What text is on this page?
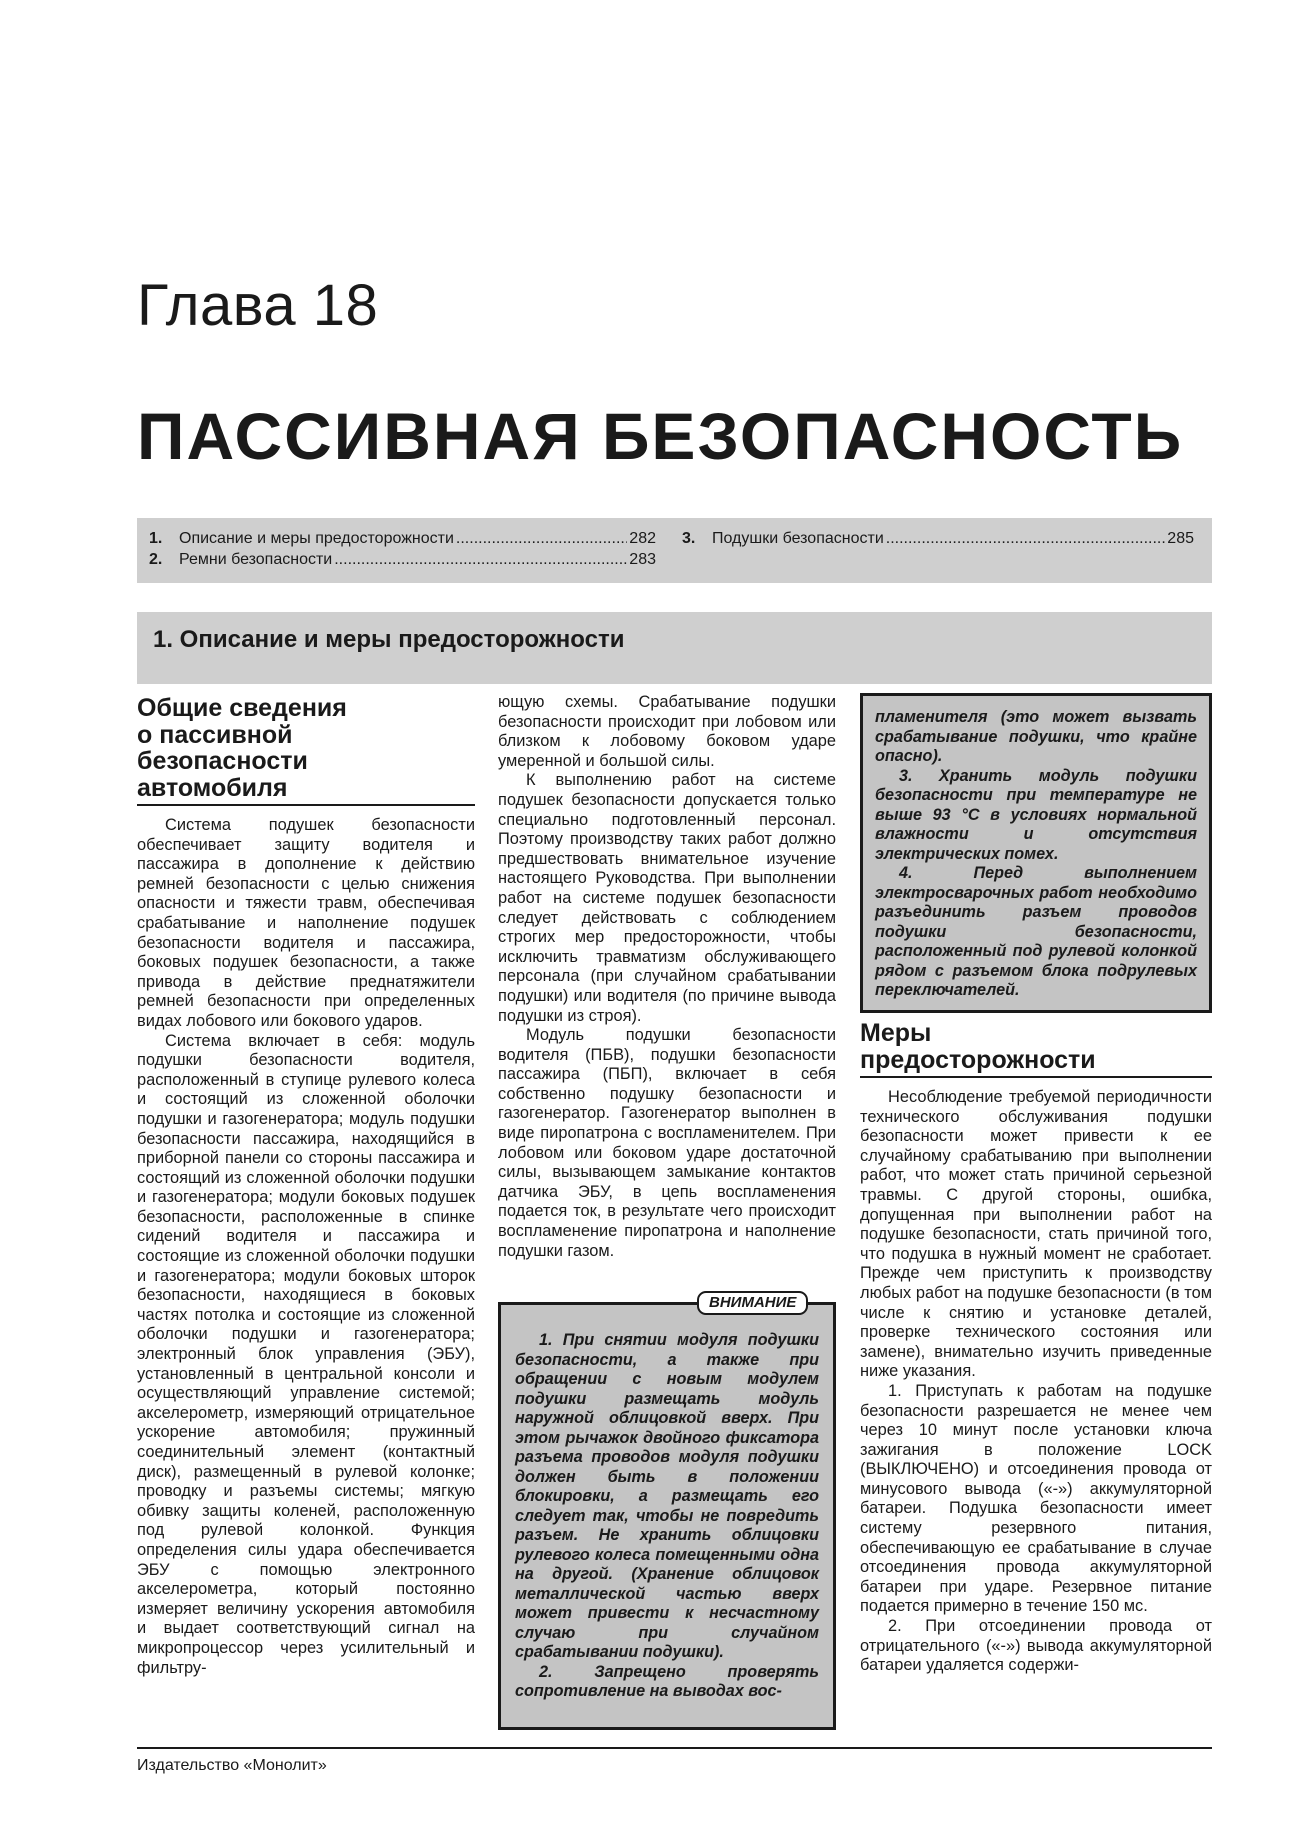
Глава 18
ПАССИВНАЯ БЕЗОПАСНОСТЬ
1.	Описание и меры предосторожности .....	282
2.	Ремни безопасности .....	283
3.	Подушки безопасности .....	285
1. Описание и меры предосторожности
Общие сведения
о пассивной
безопасности
автомобиля

Система подушек безопасности обеспечивает защиту водителя и пассажира в дополнение к действию ремней безопасности с целью снижения опасности и тяжести травм, обеспечивая срабатывание и наполнение подушек безопасности водителя и пассажира, боковых подушек безопасности, а также привода в действие преднатяжители ремней безопасности при определенных видах лобового или бокового ударов.

Система включает в себя: модуль подушки безопасности водителя, расположенный в ступице рулевого колеса и состоящий из сложенной оболочки подушки и газогенератора; модуль подушки безопасности пассажира, находящийся в приборной панели со стороны пассажира и состоящий из сложенной оболочки подушки и газогенератора; модули боковых подушек безопасности, расположенные в спинке сидений водителя и пассажира и состоящие из сложенной оболочки подушки и газогенератора; модули боковых шторок безопасности, находящиеся в боковых частях потолка и состоящие из сложенной оболочки подушки и газогенератора; электронный блок управления (ЭБУ), установленный в центральной консоли и осуществляющий управление системой; акселерометр, измеряющий отрицательное ускорение автомобиля; пружинный соединительный элемент (контактный диск), размещенный в рулевой колонке; проводку и разъемы системы; мягкую обивку защиты коленей, расположенную под рулевой колонкой. Функция определения силы удара обеспечивается ЭБУ с помощью электронного акселерометра, который постоянно измеряет величину ускорения автомобиля и выдает соответствующий сигнал на микропроцессор через усилительный и фильтру-

ющую схемы. Срабатывание подушки безопасности происходит при лобовом или близком к лобовому боковом ударе умеренной и большой силы.

К выполнению работ на системе подушек безопасности допускается только специально подготовленный персонал. Поэтому производству таких работ должно предшествовать внимательное изучение настоящего Руководства. При выполнении работ на системе подушек безопасности следует действовать с соблюдением строгих мер предосторожности, чтобы исключить травматизм обслуживающего персонала (при случайном срабатывании подушки) или водителя (по причине вывода подушки из строя).

Модуль подушки безопасности водителя (ПБВ), подушки безопасности пассажира (ПБП), включает в себя собственно подушку безопасности и газогенератор. Газогенератор выполнен в виде пиропатрона с воспламенителем. При лобовом или боковом ударе достаточной силы, вызывающем замыкание контактов датчика ЭБУ, в цепь воспламенения подается ток, в результате чего происходит воспламенение пиропатрона и наполнение подушки газом.

1. При снятии модуля подушки безопасности, а также при обращении с новым модулем подушки размещать модуль наружной облицовкой вверх. При этом рычажок двойного фиксатора разъема проводов модуля подушки должен быть в положении блокировки, а размещать его следует так, чтобы не повредить разъем. Не хранить облицовки рулевого колеса помещенными одна на другой. (Хранение облицовок металлической частью вверх может привести к несчастному случаю при случайном срабатывании подушки).

2. Запрещено проверять сопротивление на выводах вос-

ВНИМАНИЕ

пламенителя (это может вызвать срабатывание подушки, что крайне опасно).

3. Хранить модуль подушки безопасности при температуре не выше 93 °С в условиях нормальной влажности и отсутствия электрических помех.

4. Перед выполнением электросварочных работ необходимо разъединить разъем проводов подушки безопасности, расположенный под рулевой колонкой рядом с разъемом блока подрулевых переключателей.

Меры
предосторожности

Несоблюдение требуемой периодичности технического обслуживания подушки безопасности может привести к ее случайному срабатыванию при выполнении работ, что может стать причиной серьезной травмы. С другой стороны, ошибка, допущенная при выполнении работ на подушке безопасности, стать причиной того, что подушка в нужный момент не сработает. Прежде чем приступить к производству любых работ на подушке безопасности (в том числе к снятию и установке деталей, проверке технического состояния или замене), внимательно изучить приведенные ниже указания.

1. Приступать к работам на подушке безопасности разрешается не менее чем через 10 минут после установки ключа зажигания в положение LOCK (ВЫКЛЮЧЕНО) и отсоединения провода от минусового вывода («-») аккумуляторной батареи. Подушка безопасности имеет систему резервного питания, обеспечивающую ее срабатывание в случае отсоединения провода аккумуляторной батареи при ударе. Резервное питание подается примерно в течение 150 мс.

2. При отсоединении провода от отрицательного («-») вывода аккумуляторной батареи удаляется содержи-

Издательство «Монолит»
